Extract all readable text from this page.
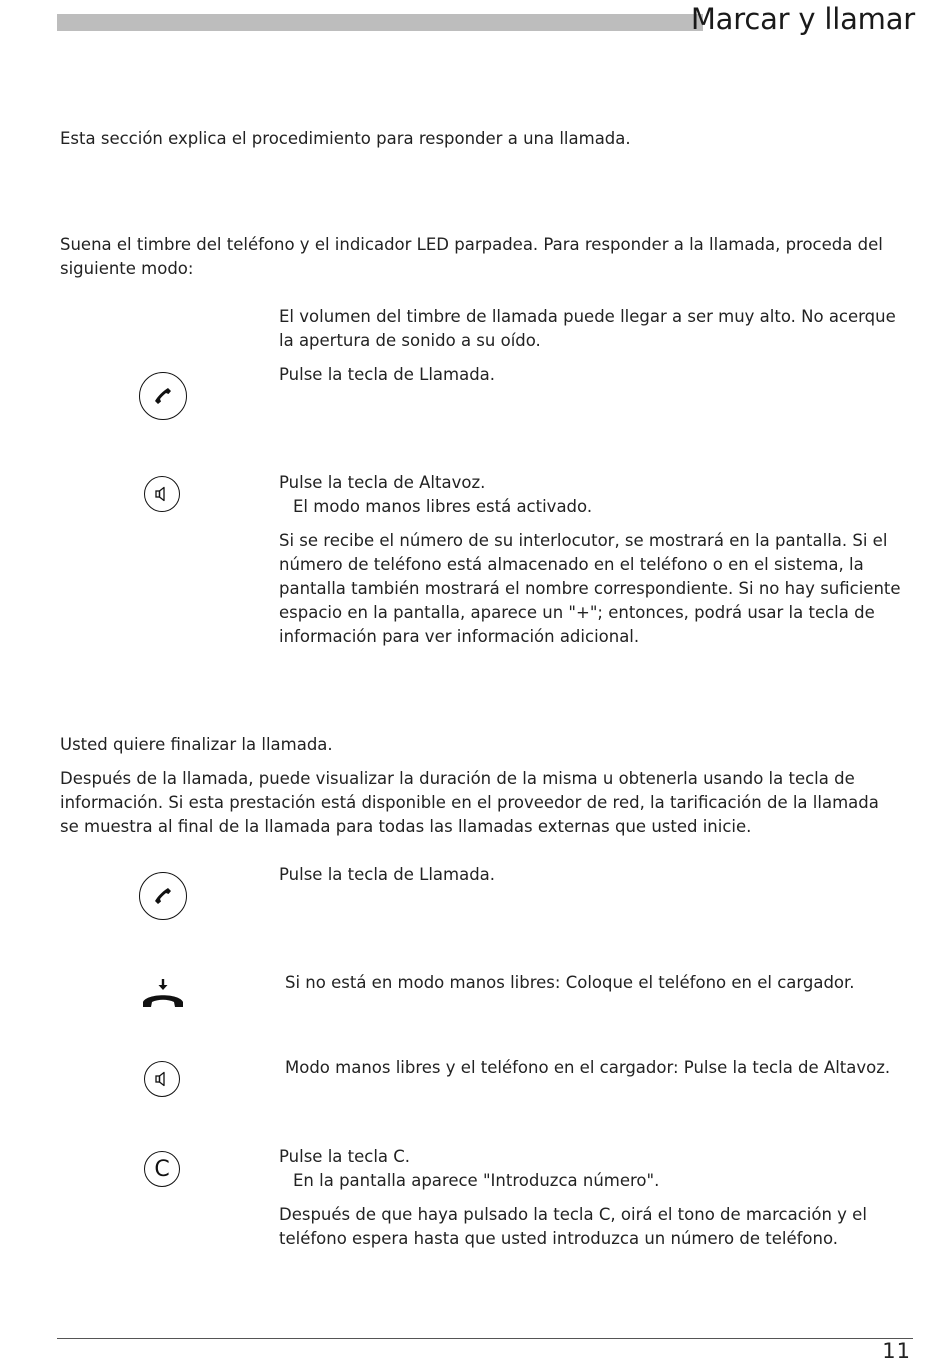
Marcar y llamar

Esta sección explica el procedimiento para responder a una llamada.

Suena el timbre del teléfono y el indicador LED parpadea. Para responder a la llamada, proceda del siguiente modo:

El volumen del timbre de llamada puede llegar a ser muy alto. No acerque la apertura de sonido a su oído.

Pulse la tecla de Llamada.

Pulse la tecla de Altavoz.

El modo manos libres está activado.

Si se recibe el número de su interlocutor, se mostrará en la pantalla. Si el número de teléfono está almacenado en el teléfono o en el sistema, la pantalla también mostrará el nombre correspondiente. Si no hay suficiente espacio en la pantalla, aparece un "+"; entonces, podrá usar la tecla de información para ver información adicional.

Usted quiere finalizar la llamada.

Después de la llamada, puede visualizar la duración de la misma u obtenerla usando la tecla de información. Si esta prestación está disponible en el proveedor de red, la tarificación de la llamada se muestra al final de la llamada para todas las llamadas externas que usted inicie.

Pulse la tecla de Llamada.

Si no está en modo manos libres: Coloque el teléfono en el cargador.

Modo manos libres y el teléfono en el cargador: Pulse la tecla de Altavoz.

C	Pulse la tecla C.

En la pantalla aparece "Introduzca número".

Después de que haya pulsado la tecla C, oirá el tono de marcación y el teléfono espera hasta que usted introduzca un número de teléfono.

11
